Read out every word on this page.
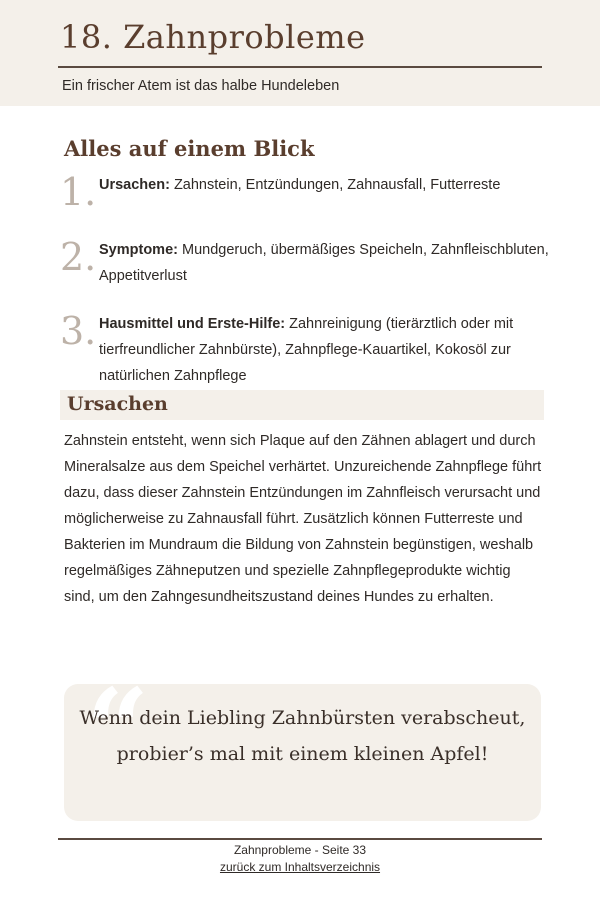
18. Zahnprobleme

Ein frischer Atem ist das halbe Hundeleben

Alles auf einem Blick
1. Ursachen: Zahnstein, Entzündungen, Zahnausfall, Futterreste

2. Symptome: Mundgeruch, übermäßiges Speicheln, Zahnfleischbluten, Appetitverlust

3. Hausmittel und Erste-Hilfe: Zahnreinigung (tierärztlich oder mit tierfreundlicher Zahnbürste), Zahnpflege-Kauartikel, Kokosöl zur natürlichen Zahnpflege

Ursachen

Zahnstein entsteht, wenn sich Plaque auf den Zähnen ablagert und durch Mineralsalze aus dem Speichel verhärtet. Unzureichende Zahnpflege führt dazu, dass dieser Zahnstein Entzündungen im Zahnfleisch verursacht und möglicherweise zu Zahnausfall führt. Zusätzlich können Futterreste und Bakterien im Mundraum die Bildung von Zahnstein begünstigen, weshalb regelmäßiges Zähneputzen und spezielle Zahnpflegeprodukte wichtig sind, um den Zahngesundheitszustand deines Hundes zu erhalten.

“

Wenn dein Liebling Zahnbürsten verabscheut, probier’s mal mit einem kleinen Apfel!

Zahnprobleme - Seite 33

zurück zum Inhaltsverzeichnis
